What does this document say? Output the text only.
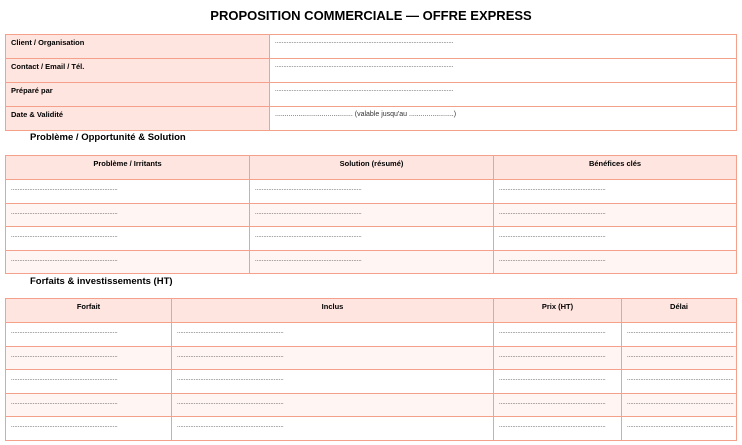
PROPOSITION COMMERCIALE — OFFRE EXPRESS
Client / Organisation	...........................................................................................................
Contact / Email / Tél.	...........................................................................................................
Préparé par	...........................................................................................................
Date & Validité	........................................ (valable jusqu'au .......................)
Problème / Opportunité & Solution
Problème / Irritants	Solution (résumé)	Bénéfices clés
................................................................	................................................................	................................................................
................................................................	................................................................	................................................................
................................................................	................................................................	................................................................
................................................................	................................................................	................................................................
Forfaits & investissements (HT)
Forfait	Inclus	Prix (HT)	Délai
................................................................	................................................................	................................................................	................................................................
................................................................	................................................................	................................................................	................................................................
................................................................	................................................................	................................................................	................................................................
................................................................	................................................................	................................................................	................................................................
................................................................	................................................................	................................................................	................................................................
